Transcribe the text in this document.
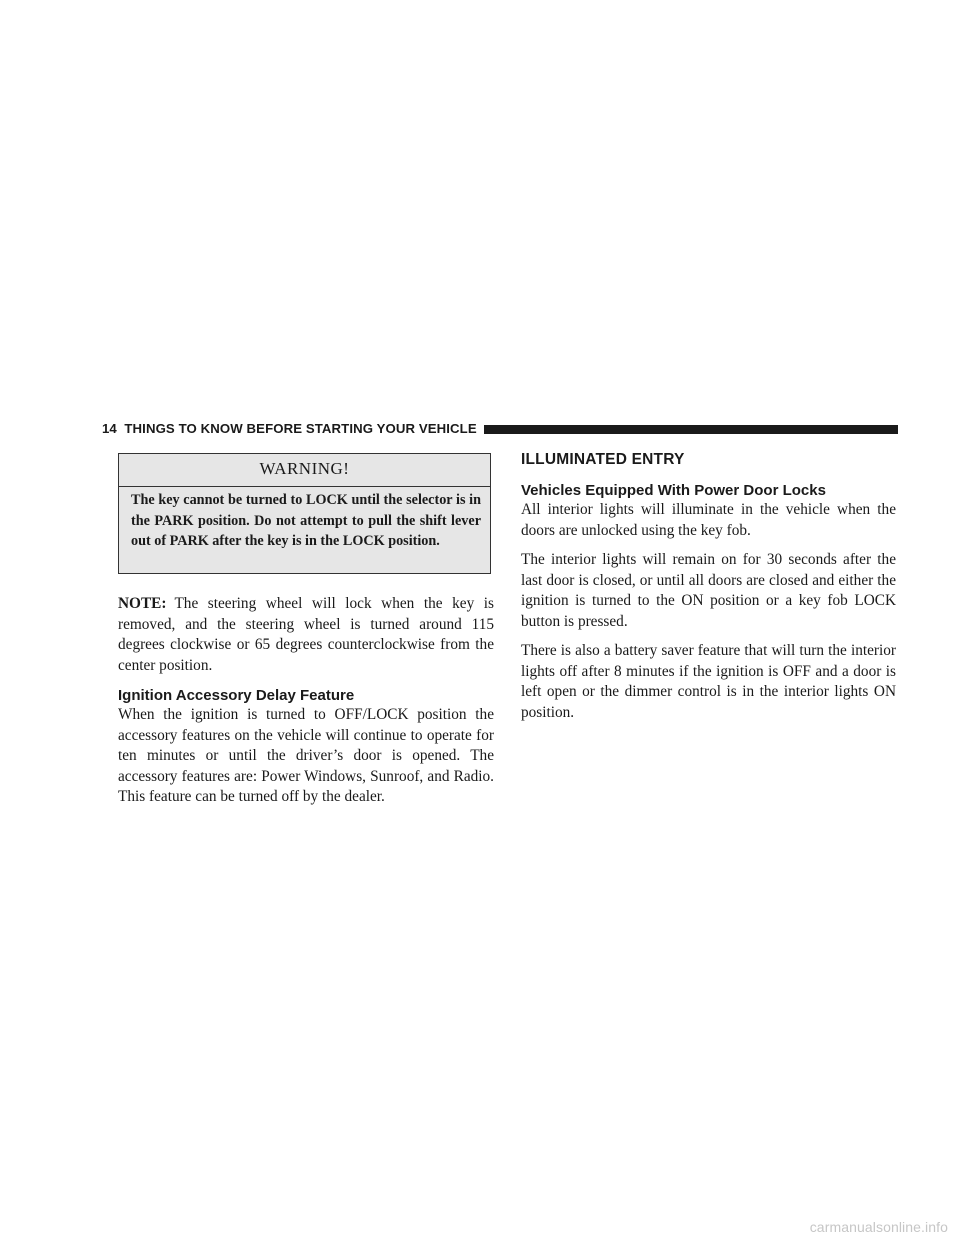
14 THINGS TO KNOW BEFORE STARTING YOUR VEHICLE
WARNING!

The key cannot be turned to LOCK until the selector is in the PARK position. Do not attempt to pull the shift lever out of PARK after the key is in the LOCK position.

NOTE: The steering wheel will lock when the key is removed, and the steering wheel is turned around 115 degrees clockwise or 65 degrees counterclockwise from the center position.

Ignition Accessory Delay Feature

When the ignition is turned to OFF/LOCK position the accessory features on the vehicle will continue to operate for ten minutes or until the driver’s door is opened. The accessory features are: Power Windows, Sunroof, and Radio. This feature can be turned off by the dealer.

ILLUMINATED ENTRY
Vehicles Equipped With Power Door Locks

All interior lights will illuminate in the vehicle when the doors are unlocked using the key fob.

The interior lights will remain on for 30 seconds after the last door is closed, or until all doors are closed and either the ignition is turned to the ON position or a key fob LOCK button is pressed.

There is also a battery saver feature that will turn the interior lights off after 8 minutes if the ignition is OFF and a door is left open or the dimmer control is in the interior lights ON position.

carmanualsonline.info
